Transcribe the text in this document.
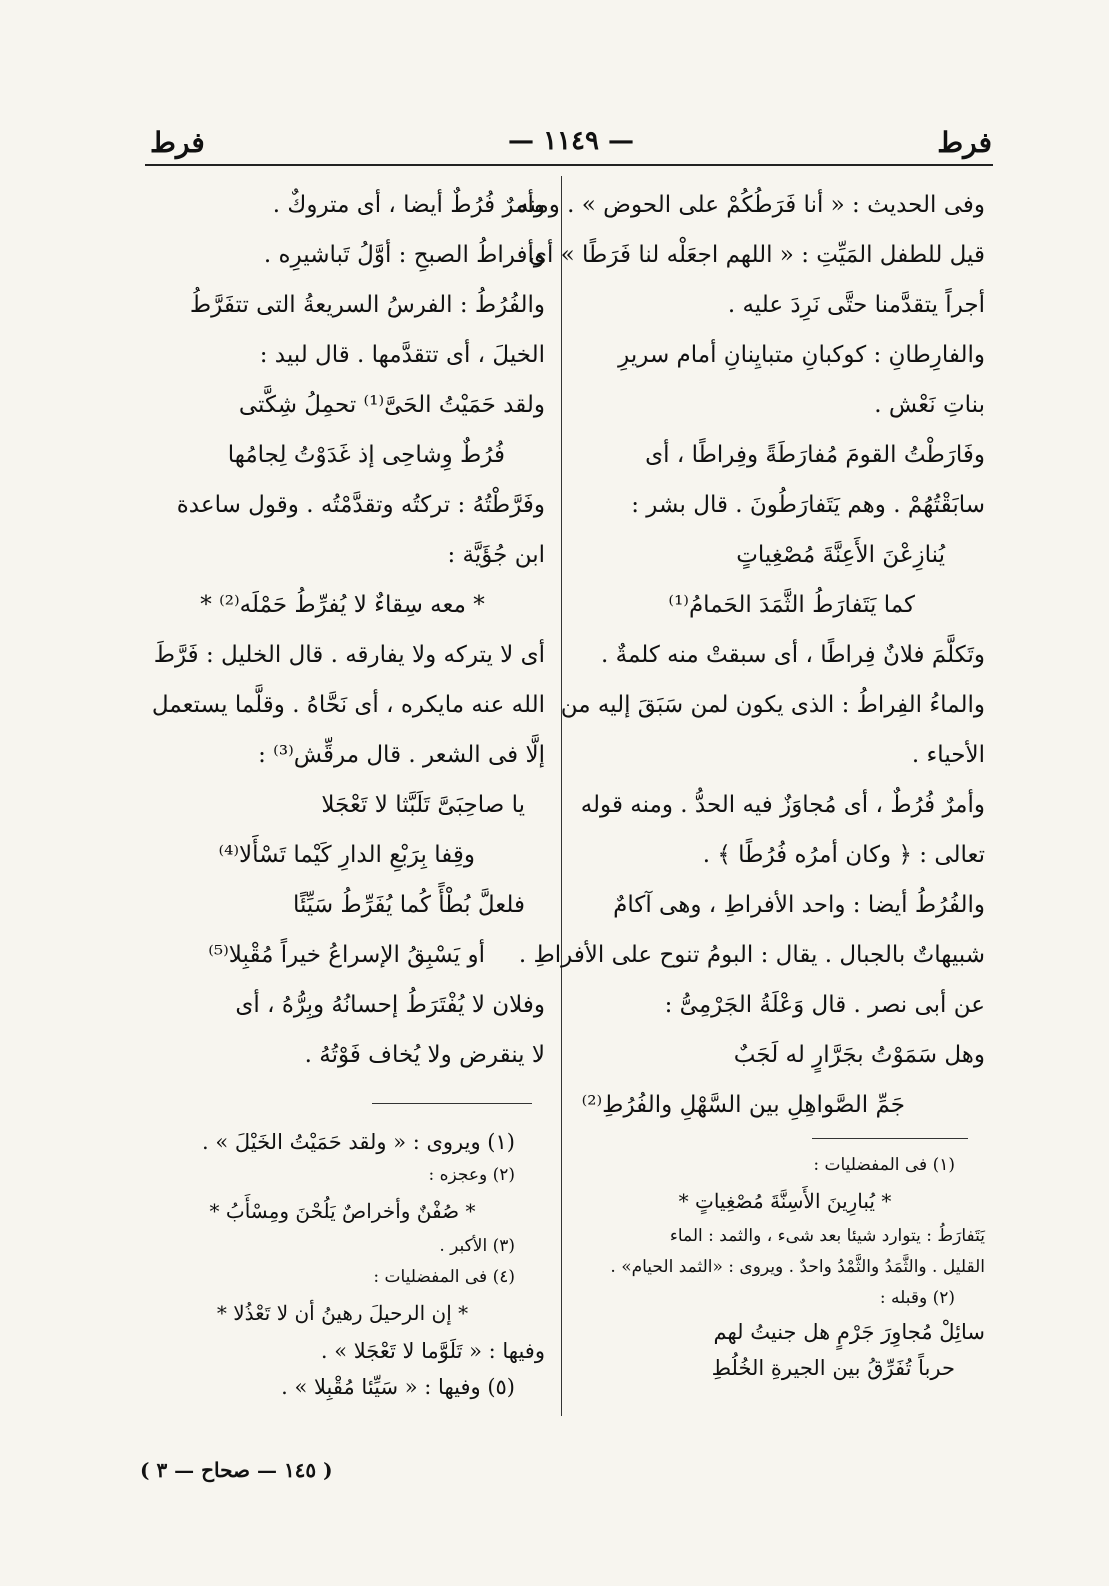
فرط
— ١١٤٩ —
فرط

وفى الحديث : « أنا فَرَطُكُمْ على الحوض » . ومنه

قيل للطفل المَيِّتِ : « اللهم اجعَلْه لنا فَرَطًا » أى

أجراً يتقدَّمنا حتَّى نَرِدَ عليه .

والفارِطانِ : كوكبانِ متبايِنانِ أمام سريرِ

بناتِ نَعْش .

وفَارَطْتُ القومَ مُفارَطَةً وفِراطًا ، أى

سابَقْتُهُمْ . وهم يَتَفارَطُونَ . قال بشر :

يُنازِعْنَ الأَعِنَّةَ مُصْغِياتٍ

كما يَتَفارَطُ الثَّمَدَ الحَمامُ⁽¹⁾

وتَكلَّمَ فلانٌ فِراطًا ، أى سبقتْ منه كلمةٌ .

والماءُ الفِراطُ : الذى يكون لمن سَبَقَ إليه من

الأحياء .

وأمرٌ فُرُطٌ ، أى مُجاوَزٌ فيه الحدُّ . ومنه قوله

تعالى : ﴿ وكان أمرُه فُرُطًا ﴾ .

والفُرُطُ أيضا : واحد الأفراطِ ، وهى آكامٌ

شبيهاتٌ بالجبال . يقال : البومُ تنوح على الأفراطِ .

عن أبى نصر . قال وَعْلَةُ الجَرْمِىُّ :

وهل سَمَوْتُ بجَرَّارٍ له لَجَبٌ

جَمِّ الصَّواهِلِ بين السَّهْلِ والفُرُطِ⁽²⁾

وأمرٌ فُرُطٌ أيضا ، أى متروكٌ .

وأفراطُ الصبحِ : أوَّلُ تَباشيرِه .

والفُرُطُ : الفرسُ السريعةُ التى تتفَرَّطُ

الخيلَ ، أى تتقدَّمها . قال لبيد :

ولقد حَمَيْتُ الحَىَّ⁽¹⁾ تحمِلُ شِكَّتى

فُرُطٌ وِشاحِى إذ غَدَوْتُ لِجامُها

وفَرَّطْتُهُ : تركتُه وتقدَّمْتُه . وقول ساعدة

ابن جُؤَيَّة :

* معه سِقاءٌ لا يُفرِّطُ حَمْلَه⁽²⁾ *

أى لا يتركه ولا يفارقه . قال الخليل : فَرَّطَ

الله عنه مايكره ، أى نَحَّاهُ . وقلَّما يستعمل

إلَّا فى الشعر . قال مرقِّش⁽³⁾ :

يا صاحِبَىَّ تَلَبَّثا لا تَعْجَلا

وقِفا بِرَبْعِ الدارِ كَيْما تَسْأَلا⁽⁴⁾

فلعلَّ بُطْأً كُما يُفَرِّطُ سَيِّئًا

أو يَسْبِقُ الإسراعُ خيراً مُقْبِلا⁽⁵⁾

وفلان لا يُفْتَرَطُ إحسانُهُ وبِرُّهُ ، أى

لا ينقرض ولا يُخاف فَوْتُهُ .

(١) فى المفضليات :

* يُبارِينَ الأَسِنَّةَ مُصْغِياتٍ *

يَتَفارَطُ : يتوارد شيئا بعد شىء ، والثمد : الماء

القليل . والثَّمَدُ والثَّمْدُ واحدٌ . ويروى : «الثمد الحيام» .

(٢) وقبله :

سائِلْ مُجاوِرَ جَرْمٍ هل جنيتُ لهم

حرباً تُفَرِّقُ بين الجيرةِ الخُلُطِ

(١) ويروى : « ولقد حَمَيْتُ الخَيْلَ » .

(٢) وعجزه :

* صُفْنٌ وأخراصٌ يَلُحْنَ ومِسْأَبُ *

(٣) الأكبر .

(٤) فى المفضليات :

* إن الرحيلَ رهينُ أن لا تَعْذُلا *

وفيها : « تَلَوَّما لا تَعْجَلا » .

(٥) وفيها : « سَيِّئا مُقْبِلا » .

( ١٤٥ — صحاح — ٣ )
